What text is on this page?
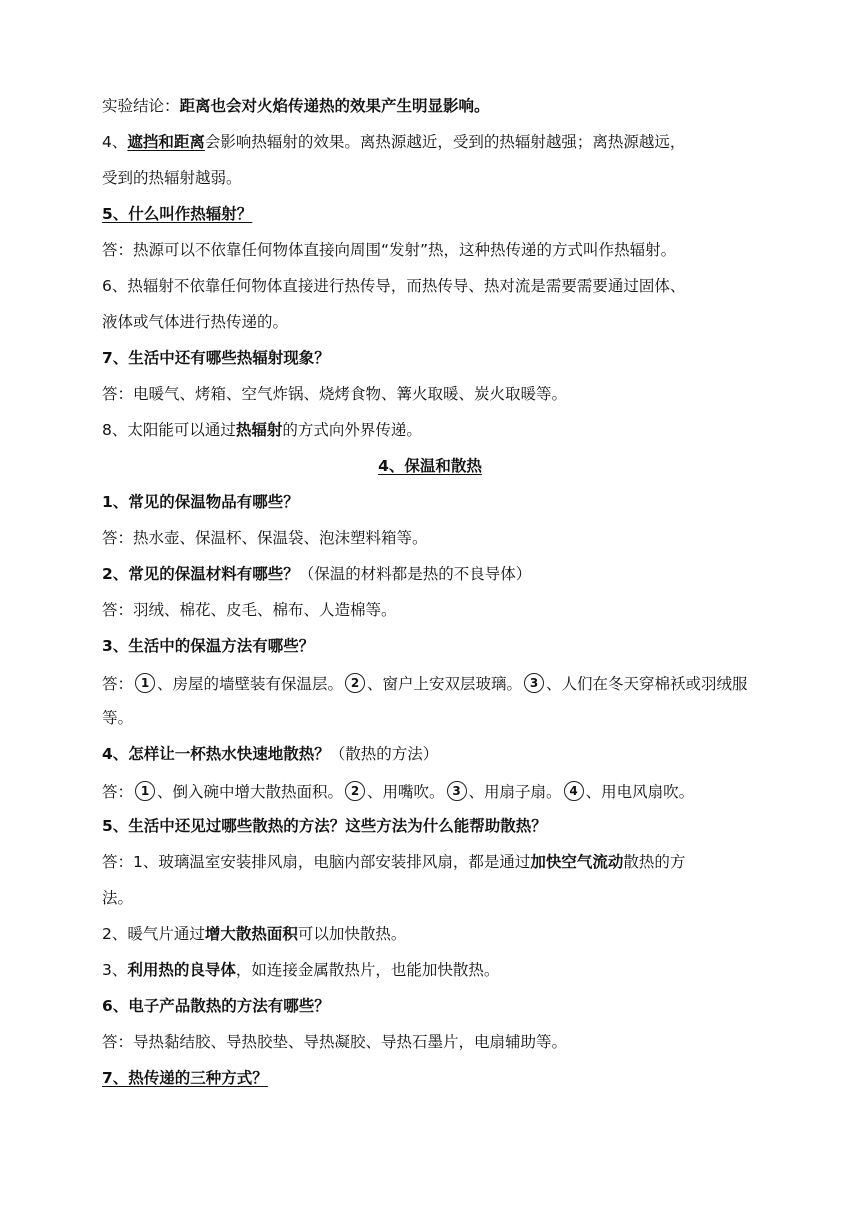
实验结论：距离也会对火焰传递热的效果产生明显影响。
4、遮挡和距离会影响热辐射的效果。离热源越近，受到的热辐射越强；离热源越远，
受到的热辐射越弱。
5、什么叫作热辐射？
答：热源可以不依靠任何物体直接向周围“发射”热，这种热传递的方式叫作热辐射。
6、热辐射不依靠任何物体直接进行热传导，而热传导、热对流是需要需要通过固体、
液体或气体进行热传递的。
7、生活中还有哪些热辐射现象？
答：电暖气、烤箱、空气炸锅、烧烤食物、篝火取暖、炭火取暖等。
8、太阳能可以通过热辐射的方式向外界传递。
4、保温和散热
1、常见的保温物品有哪些？
答：热水壶、保温杯、保温袋、泡沫塑料箱等。
2、常见的保温材料有哪些？（保温的材料都是热的不良导体）
答：羽绒、棉花、皮毛、棉布、人造棉等。
3、生活中的保温方法有哪些？
答： 1 、房屋的墙壁装有保温层。 2 、窗户上安双层玻璃。 3 、人们在冬天穿棉袄或羽绒服
等。
4、怎样让一杯热水快速地散热？（散热的方法）
答： 1 、倒入碗中增大散热面积。 2 、用嘴吹。 3 、用扇子扇。 4 、用电风扇吹。
5、生活中还见过哪些散热的方法？这些方法为什么能帮助散热？
答：1、玻璃温室安装排风扇，电脑内部安装排风扇，都是通过加快空气流动散热的方
法。
2、暖气片通过增大散热面积可以加快散热。
3、利用热的良导体，如连接金属散热片，也能加快散热。
6、电子产品散热的方法有哪些？
答：导热黏结胶、导热胶垫、导热凝胶、导热石墨片，电扇辅助等。
7、热传递的三种方式？
